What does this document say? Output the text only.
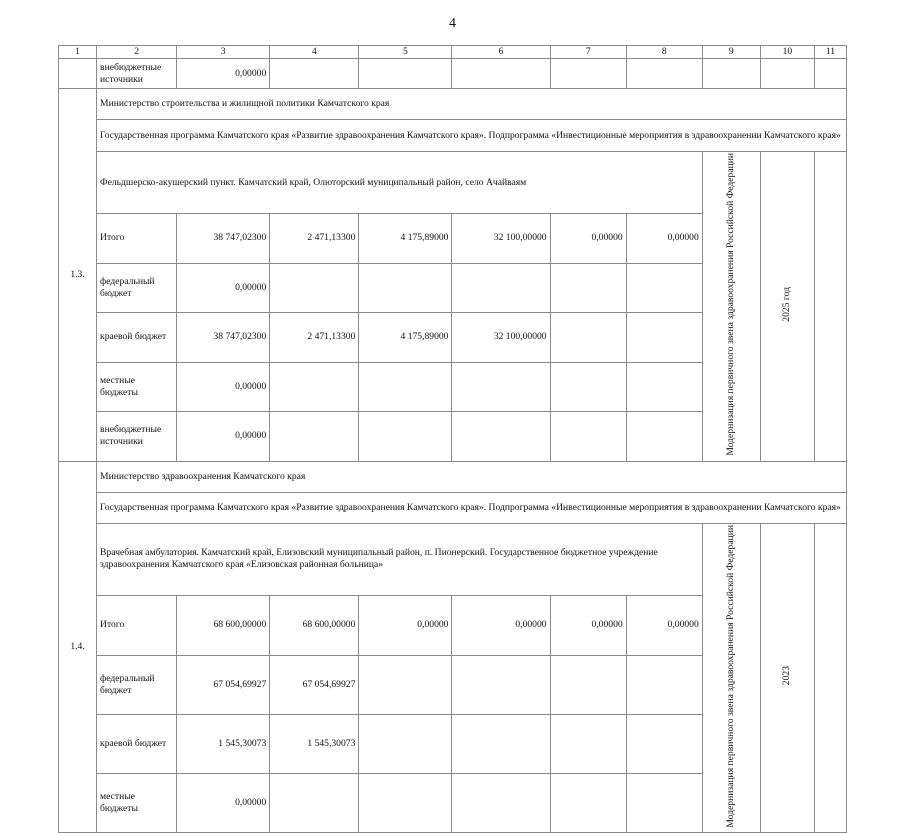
4
1	2	3	4	5	6	7	8	9	10	11
	внебюджетные источники	0,00000								
1.3.	Министерство строительства и жилищной политики Камчатского края									
	Государственная программа Камчатского края «Развитие здравоохранения Камчатского края». Подпрограмма «Инвестиционные мероприятия в здравоохранении Камчатского края»									
	Фельдшерско-акушерский пункт. Камчатский край, Олюторский муниципальный район, село Ачайваям							Модернизация первичного звена здравоохранения Российской Федерации	2025 год	
	Итого	38 747,02300	2 471,13300	4 175,89000	32 100,00000	0,00000	0,00000			
	федеральный бюджет	0,00000								
	краевой бюджет	38 747,02300	2 471,13300	4 175,89000	32 100,00000					
	местные бюджеты	0,00000								
	внебюджетные источники	0,00000								
1.4.	Министерство здравоохранения Камчатского края									
	Государственная программа Камчатского края «Развитие здравоохранения Камчатского края». Подпрограмма «Инвестиционные мероприятия в здравоохранении Камчатского края»									
	Врачебная амбулатория. Камчатский край, Елизовский муниципальный район, п. Пионерский. Государственное бюджетное учреждение здравоохранения Камчатского края «Елизовская районная больница»							Модернизация первичного звена здравоохранения Российской Федерации	2023	
	Итого	68 600,00000	68 600,00000	0,00000	0,00000	0,00000	0,00000			
	федеральный бюджет	67 054,69927	67 054,69927							
	краевой бюджет	1 545,30073	1 545,30073							
	местные бюджеты	0,00000								
